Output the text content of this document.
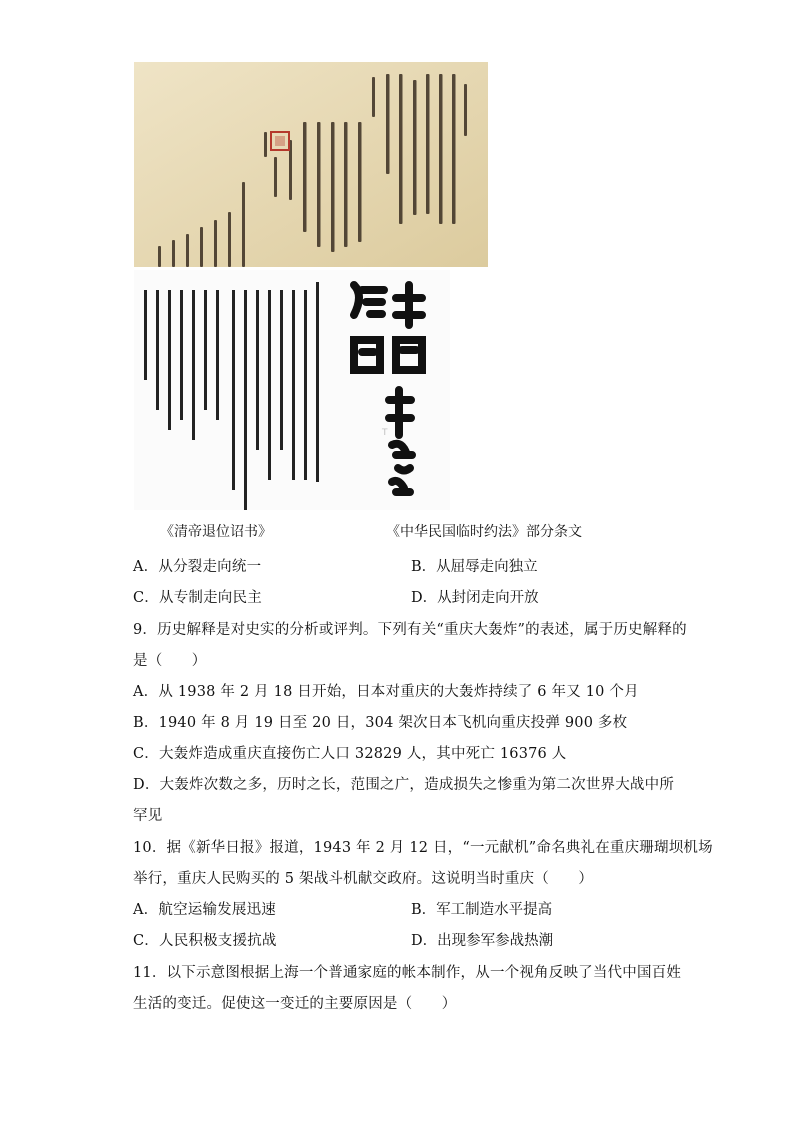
T
《清帝退位诏书》	《中华民国临时约法》部分条文
A．从分裂走向统一	B．从屈辱走向独立
C．从专制走向民主	D．从封闭走向开放
9．历史解释是对史实的分析或评判。下列有关“重庆大轰炸”的表述，属于历史解释的
是（　　）
A．从 1938 年 2 月 18 日开始，日本对重庆的大轰炸持续了 6 年又 10 个月
B．1940 年 8 月 19 日至 20 日，304 架次日本飞机向重庆投弹 900 多枚
C．大轰炸造成重庆直接伤亡人口 32829 人，其中死亡 16376 人
D．大轰炸次数之多，历时之长，范围之广，造成损失之惨重为第二次世界大战中所
罕见
10．据《新华日报》报道，1943 年 2 月 12 日，“一元献机”命名典礼在重庆珊瑚坝机场
举行，重庆人民购买的 5 架战斗机献交政府。这说明当时重庆（　　）
A．航空运输发展迅速	B．军工制造水平提高
C．人民积极支援抗战	D．出现参军参战热潮
11．以下示意图根据上海一个普通家庭的帐本制作，从一个视角反映了当代中国百姓
生活的变迁。促使这一变迁的主要原因是（　　）
